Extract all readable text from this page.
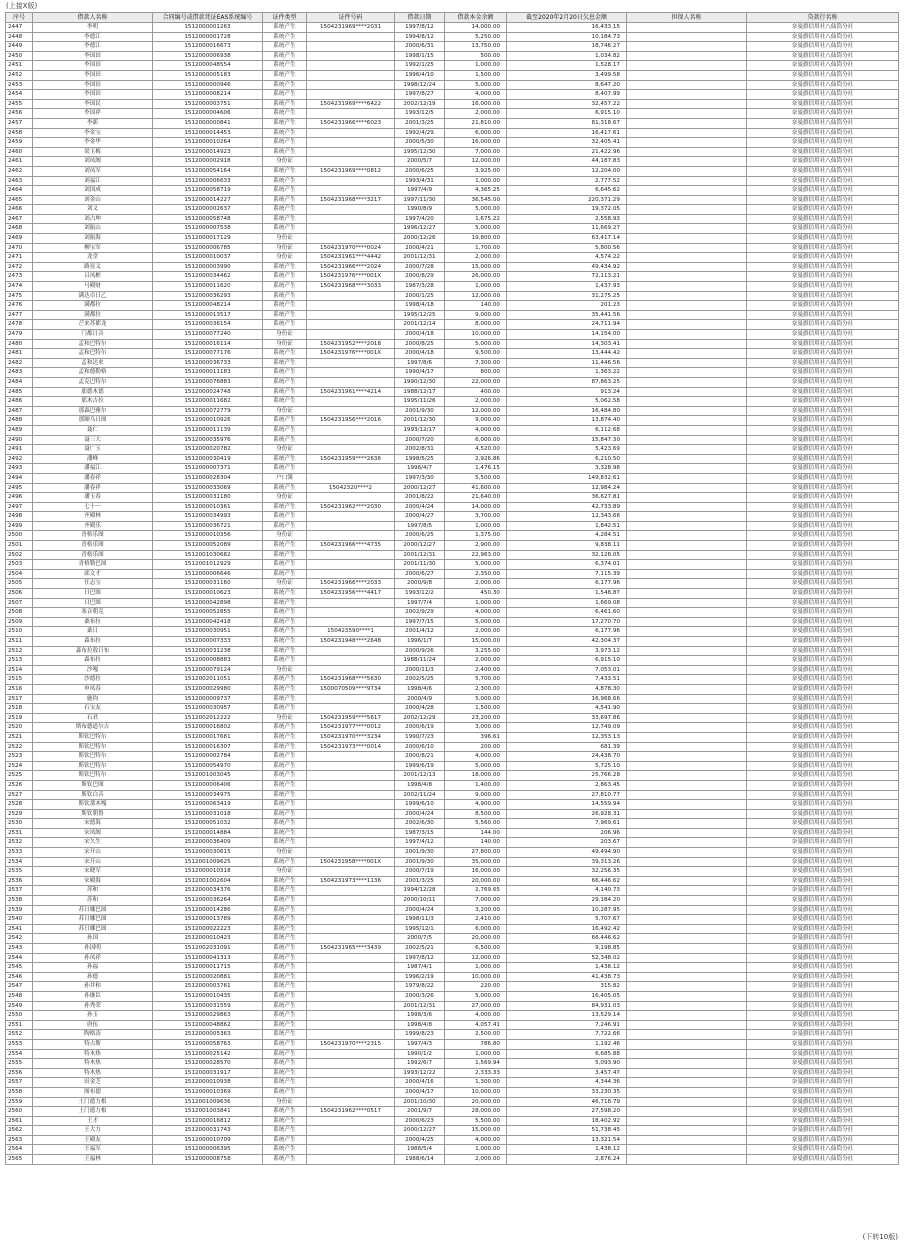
(上接X版)
序号	借款人名称	合同编号或借款凭证EAS系统编号	证件类型	证件号码	借款日期	借款本金余额	截至2020年2月20日欠息金额	担保人名称	贷款行名称
2447	李明	1512000001263	系统产生	1504231969****2031	1997/8/12	14,000.00	16,433.15		奈曼旗信用社八仙筒分社
2448	李德江	1512000001728	系统产生		1994/8/12	5,250.00	10,184.73		奈曼旗信用社八仙筒分社
2449	李德江	1512000016673	系统产生		2000/6/31	13,750.00	18,746.27		奈曼旗信用社八仙筒分社
2450	李国田	1512000006938	系统产生		1998/1/15	500.00	1,034.82		奈曼旗信用社八仙筒分社
2451	李国田	1512000048554	系统产生		1992/1/25	1,000.00	1,528.17		奈曼旗信用社八仙筒分社
2452	李国田	1512000005183	系统产生		1996/4/10	1,500.00	3,499.58		奈曼旗信用社八仙筒分社
2453	李国田	1512000000946	系统产生		1998/12/24	5,000.00	8,647.20		奈曼旗信用社八仙筒分社
2454	李国田	1512000008214	系统产生		1997/8/27	4,000.00	8,407.99		奈曼旗信用社八仙筒分社
2455	李国民	1512000003751	系统产生	1504231969****6422	2002/12/19	16,000.00	32,457.22		奈曼旗信用社八仙筒分社
2456	李国祥	1512000004606	系统产生		1993/12/5	2,000.00	6,915.10		奈曼旗信用社八仙筒分社
2457	李新	1512000000841	系统产生	1504231966****6023	2001/3/25	21,810.00	81,318.67		奈曼旗信用社八仙筒分社
2458	李金宝	1512000014453	系统产生		1992/4/29	6,000.00	16,417.61		奈曼旗信用社八仙筒分社
2459	李金华	1512000010264	系统产生		2000/5/30	16,000.00	32,405.41		奈曼旗信用社八仙筒分社
2460	梁玉梅	1512000014923	系统产生		1995/12/30	7,000.00	21,422.96		奈曼旗信用社八仙筒分社
2461	刘凤阁	1512000002918	身份证		2000/5/7	12,000.00	44,187.83		奈曼旗信用社八仙筒分社
2462	刘凤军	1512000054164	系统产生	1504231969****0812	2000/6/25	3,925.00	12,204.00		奈曼旗信用社八仙筒分社
2463	刘福江	1512000006633	系统产生		1993/4/31	1,000.00	2,777.52		奈曼旗信用社八仙筒分社
2464	刘国成	1512000058719	系统产生		1997/4/9	4,365.25	6,645.62		奈曼旗信用社八仙筒分社
2465	刘金山	1512000014227	系统产生	1504231968****3217	1997/11/30	36,545.00	220,371.29		奈曼旗信用社八仙筒分社
2466	刘义	1512000002637	系统产生		1990/8/9	5,000.00	19,372.05		奈曼旗信用社八仙筒分社
2467	刘占坤	1512000058748	系统产生		1997/4/20	1,675.22	2,558.93		奈曼旗信用社八仙筒分社
2468	刘振山	1512000007538	系统产生		1996/12/27	5,000.00	11,669.27		奈曼旗信用社八仙筒分社
2469	刘振海	1512000017129	身份证		2000/12/26	19,800.00	63,417.14		奈曼旗信用社八仙筒分社
2470	柳宝军	1512000006785	身份证	1504231970****0024	2000/4/21	1,700.00	5,800.56		奈曼旗信用社八仙筒分社
2471	龙堂	1512000010037	身份证	1504231961****4442	2001/12/31	2,000.00	4,574.22		奈曼旗信用社八仙筒分社
2472	路显义	1512000003990	系统产生	1504231966****2024	2000/7/28	15,000.00	49,434.92		奈曼旗信用社八仙筒分社
2473	吕凤彬	1512000034462	系统产生	1504231976****001X	2000/8/29	26,000.00	72,113.21		奈曼旗信用社八仙筒分社
2474	马殿财	1512000011620	系统产生	1504231968****3033	1987/3/28	1,000.00	1,437.93		奈曼旗信用社八仙筒分社
2475	满达卓日乙	1512000036293	系统产生		2000/1/25	12,000.00	31,275.25		奈曼旗信用社八仙筒分社
2476	满都拉	1512000048214	系统产生		1998/4/18	140.00	201.23		奈曼旗信用社八仙筒分社
2477	满都拉	1512000013517	系统产生		1995/12/25	9,000.00	35,441.56		奈曼旗信用社八仙筒分社
2478	芒来苏都龙	1512000036154	系统产生		2001/12/14	8,000.00	24,711.94		奈曼旗信用社八仙筒分社
2479	门都日音	1512000077240	身份证		2000/4/18	10,000.00	14,154.00		奈曼旗信用社八仙筒分社
2480	孟和巴特尔	1512000016114	身份证	1504231952****2018	2000/8/25	5,000.00	14,303.41		奈曼旗信用社八仙筒分社
2481	孟和巴特尔	1512000077176	系统产生	1504231976****001X	2000/4/18	9,500.00	13,444.42		奈曼旗信用社八仙筒分社
2482	孟和达来	1512000036733	系统产生		1997/8/6	7,300.00	11,446.56		奈曼旗信用社八仙筒分社
2483	孟和德勒格	1512000011183	系统产生		1990/4/17	800.00	1,363.22		奈曼旗信用社八仙筒分社
2484	孟克巴特尔	1512000076883	系统产生		1990/12/30	22,000.00	87,863.25		奈曼旗信用社八仙筒分社
2485	那德木德	1512000024748	系统产生	1504231961****4214	1988/12/17	400.00	913.24		奈曼旗信用社八仙筒分社
2486	那木吉拉	1512000011682	系统产生		1995/11/26	2,000.00	5,062.58		奈曼旗信用社八仙筒分社
2487	那森巴雅尔	1512000072779	身份证		2001/9/30	12,000.00	16,484.80		奈曼旗信用社八仙筒分社
2488	那顺乌日图	1512000010926	系统产生	1504231956****2016	2001/12/30	9,000.00	13,874.40		奈曼旗信用社八仙筒分社
2489	聂仁	1512000011139	系统产生		1993/12/17	4,000.00	6,112.68		奈曼旗信用社八仙筒分社
2490	聂三大	1512000035976	系统产生		2000/7/20	6,000.00	15,847.30		奈曼旗信用社八仙筒分社
2491	聂广玉	1512000020782	身份证		2002/8/31	4,520.00	5,423.69		奈曼旗信用社八仙筒分社
2492	潘峰	1512000030419	系统产生	1504231959****2636	1998/5/25	2,926.86	6,210.50		奈曼旗信用社八仙筒分社
2493	潘福江	1512000007371	系统产生		1996/4/7	1,476.15	3,328.98		奈曼旗信用社八仙筒分社
2494	潘春祥	1512000028304	户口簿		1997/3/30	5,500.00	149,832.61		奈曼旗信用社八仙筒分社
2495	潘春祥	1512000033069	系统产生	15042320****2	2000/12/27	41,600.00	12,984.24		奈曼旗信用社八仙筒分社
2496	潘玉春	1512000031180	身份证		2001/8/22	21,640.00	36,627.81		奈曼旗信用社八仙筒分社
2497	七十一	1512000010361	系统产生	1504231962****2030	2000/4/24	14,000.00	42,733.89		奈曼旗信用社八仙筒分社
2498	齐殿林	1512000034993	系统产生		2000/4/27	3,700.00	12,343.66		奈曼旗信用社八仙筒分社
2499	齐殿乐	1512000036721	系统产生		1997/8/5	1,000.00	1,842.51		奈曼旗信用社八仙筒分社
2500	青格乐图	1512000010356	身份证		2000/6/25	1,375.00	4,284.51		奈曼旗信用社八仙筒分社
2501	青格乐图	1512000052089	系统产生	1504231966****4735	2000/12/27	2,900.00	9,838.11		奈曼旗信用社八仙筒分社
2502	青格乐图	1512001030682	系统产生		2001/12/31	22,963.00	32,128.05		奈曼旗信用社八仙筒分社
2503	青格勒巴图	1512001012929	系统产生		2001/11/30	5,000.00	6,374.01		奈曼旗信用社八仙筒分社
2504	邱文才	1512000006646	系统产生		2000/6/27	2,350.00	7,115.39		奈曼旗信用社八仙筒分社
2505	任志宝	1512000031160	身份证	1504231966****2033	2000/9/8	2,000.00	6,177.96		奈曼旗信用社八仙筒分社
2506	日巴图	1512000010623	系统产生	1504231956****4417	1993/12/2	450.30	1,548.87		奈曼旗信用社八仙筒分社
2507	日巴图	1512000042898	系统产生		1997/7/4	1,000.00	1,669.08		奈曼旗信用社八仙筒分社
2508	塞音朝克	1512000052855	系统产生		2002/9/29	4,000.00	6,461.60		奈曼旗信用社八仙筒分社
2509	桑布拉	1512000042418	系统产生		1997/7/15	5,000.00	17,270.70		奈曼旗信用社八仙筒分社
2510	桑日	1512000030951	系统产生	150423590****1	2001/4/12	2,000.00	6,177.96		奈曼旗信用社八仙筒分社
2511	森布拉	1512000007333	系统产生	1504231948****2648	1996/1/7	15,000.00	42,304.37		奈曼旗信用社八仙筒分社
2512	森布拉敖日布	1512000031238	系统产生		2000/9/26	3,255.00	3,973.12		奈曼旗信用社八仙筒分社
2513	森布拉	1512000008883	系统产生		1988/11/24	2,000.00	6,915.10		奈曼旗信用社八仙筒分社
2514	沙嘎	1512000079124	身份证		2000/11/3	2,400.00	7,053.01		奈曼旗信用社八仙筒分社
2515	沙德拉	1512002011051	系统产生	1504231968****5630	2002/5/25	5,700.00	7,433.51		奈曼旗信用社八仙筒分社
2516	申凤春	1512000029980	系统产生	1500070509****9734	1998/4/6	2,300.00	4,878.30		奈曼旗信用社八仙筒分社
2517	施钧	1512000009737	系统产生		2000/4/9	5,000.00	16,968.66		奈曼旗信用社八仙筒分社
2518	石宝友	1512000030957	系统产生		2000/4/28	1,500.00	4,541.90		奈曼旗信用社八仙筒分社
2519	石君	1512002012222	身份证	1504231959****5617	2002/12/29	23,200.00	33,697.86		奈曼旗信用社八仙筒分社
2520	斯布德道尔吉	1512000016802	系统产生	1504231977****0012	2000/6/19	3,000.00	12,749.09		奈曼旗信用社八仙筒分社
2521	斯钦巴特尔	1512000017681	系统产生	1504231970****3234	1990/7/23	396.61	12,353.13		奈曼旗信用社八仙筒分社
2522	斯钦巴特尔	1512000016307	系统产生	1504231973****0014	2000/6/10	200.00	681.39		奈曼旗信用社八仙筒分社
2523	斯钦巴特尔	1512000002784	系统产生		2000/8/21	4,000.00	24,438.70		奈曼旗信用社八仙筒分社
2524	斯钦巴特尔	1512000054970	系统产生		1999/6/19	5,000.00	5,725.10		奈曼旗信用社八仙筒分社
2525	斯钦巴特尔	1512001003045	系统产生		2001/12/13	18,000.00	25,766.28		奈曼旗信用社八仙筒分社
2526	斯钦巴图	1512000006406	系统产生		1998/4/8	1,400.00	2,863.45		奈曼旗信用社八仙筒分社
2527	斯钦白音	1512000034975	系统产生		2002/11/24	9,000.00	27,810.77		奈曼旗信用社八仙筒分社
2528	斯钦那木嘎	1512000063419	系统产生		1999/6/10	4,900.00	14,559.94		奈曼旗信用社八仙筒分社
2529	斯钦朝鲁	1512000031018	系统产生		2000/4/24	8,500.00	26,928.31		奈曼旗信用社八仙筒分社
2530	宋德海	1512000051032	系统产生		2002/6/30	5,560.00	7,969.61		奈曼旗信用社八仙筒分社
2531	宋凤阁	1512000014884	系统产生		1987/3/15	144.00	206.96		奈曼旗信用社八仙筒分社
2532	宋久生	1512000036409	系统产生		1997/4/12	140.00	203.67		奈曼旗信用社八仙筒分社
2533	宋开山	1512000030615	身份证		2001/9/30	27,800.00	49,494.90		奈曼旗信用社八仙筒分社
2534	宋开山	1512001009625	系统产生	1504231958****001X	2001/9/30	35,000.00	39,313.26		奈曼旗信用社八仙筒分社
2535	宋晓军	1512000010318	身份证		2000/7/19	16,000.00	32,256.35		奈曼旗信用社八仙筒分社
2536	宋殿海	1512001002604	系统产生	1504231973****1136	2001/3/25	20,000.00	66,446.62		奈曼旗信用社八仙筒分社
2537	苏和	1512000034376	系统产生		1994/12/28	2,769.65	4,140.73		奈曼旗信用社八仙筒分社
2538	苏和	1512000036264	系统产生		2000/10/11	7,000.00	29,184.20		奈曼旗信用社八仙筒分社
2539	苏日娜巴图	1512000014286	系统产生		2000/4/24	3,200.00	10,287.95		奈曼旗信用社八仙筒分社
2540	苏日娜巴图	1512000013789	系统产生		1998/11/3	2,410.00	5,707.67		奈曼旗信用社八仙筒分社
2541	苏日娜巴图	1512000022223	系统产生		1995/12/1	6,000.00	16,492.42		奈曼旗信用社八仙筒分社
2542	孙国	1512000010423	系统产生		2000/7/5	20,000.00	66,446.62		奈曼旗信用社八仙筒分社
2543	孙国明	1512002031091	系统产生	1504231965****3439	2002/5/21	6,500.00	9,198.85		奈曼旗信用社八仙筒分社
2544	孙凤祥	1512000041313	系统产生		1997/8/12	12,000.00	52,348.02		奈曼旗信用社八仙筒分社
2545	孙福	1512000011715	系统产生		1987/4/1	1,000.00	1,438.12		奈曼旗信用社八仙筒分社
2546	孙德	1512000020881	系统产生		1996/2/19	10,000.00	41,438.73		奈曼旗信用社八仙筒分社
2547	孙井和	1512000003761	系统产生		1979/8/22	220.00	315.82		奈曼旗信用社八仙筒分社
2548	孙继臣	1512000010435	系统产生		2000/3/26	5,000.00	16,405.05		奈曼旗信用社八仙筒分社
2549	孙秀荣	1512000031559	系统产生		2001/12/31	27,000.00	84,931.03		奈曼旗信用社八仙筒分社
2550	孙玉	1512000029863	系统产生		1998/3/6	4,000.00	13,529.14		奈曼旗信用社八仙筒分社
2551	唐伍	1512000048862	系统产生		1998/4/8	4,057.41	7,246.91		奈曼旗信用社八仙筒分社
2552	陶格涛	1512000005363	系统产生		1999/8/23	2,500.00	7,722.66		奈曼旗信用社八仙筒分社
2553	特古斯	1512000058763	系统产生	1504231970****2315	1997/4/3	786.80	1,192.46		奈曼旗信用社八仙筒分社
2554	特木热	1512000025142	系统产生		1990/1/2	1,000.00	6,685.88		奈曼旗信用社八仙筒分社
2555	特木热	1512000028570	系统产生		1992/6/7	1,569.94	5,093.90		奈曼旗信用社八仙筒分社
2556	特木热	1512000031917	系统产生		1993/12/22	2,333.33	3,457.47		奈曼旗信用社八仙筒分社
2557	田金芝	1512000010938	系统产生		2000/4/16	1,300.00	4,344.36		奈曼旗信用社八仙筒分社
2558	图布德	1512000010369	系统产生		2000/4/17	10,000.00	33,230.35		奈曼旗信用社八仙筒分社
2559	土门德力根	1512001009636	身份证		2001/10/30	20,000.00	46,718.79		奈曼旗信用社八仙筒分社
2560	土门德力根	1512001003841	系统产生	1504231962****0517	2001/9/7	28,000.00	27,598.20		奈曼旗信用社八仙筒分社
2561	王才	1512000016812	系统产生		2000/6/23	5,500.00	18,402.92		奈曼旗信用社八仙筒分社
2562	王大力	1512000031743	系统产生		2000/12/27	15,000.00	51,738.45		奈曼旗信用社八仙筒分社
2563	王殿友	1512000010709	系统产生		2000/4/25	4,000.00	13,321.54		奈曼旗信用社八仙筒分社
2564	王福军	1512000006395	系统产生		1988/5/4	1,000.00	1,438.12		奈曼旗信用社八仙筒分社
2565	王福林	1512000008758	系统产生		1988/6/14	2,000.00	2,876.24		奈曼旗信用社八仙筒分社
(下转10版)
